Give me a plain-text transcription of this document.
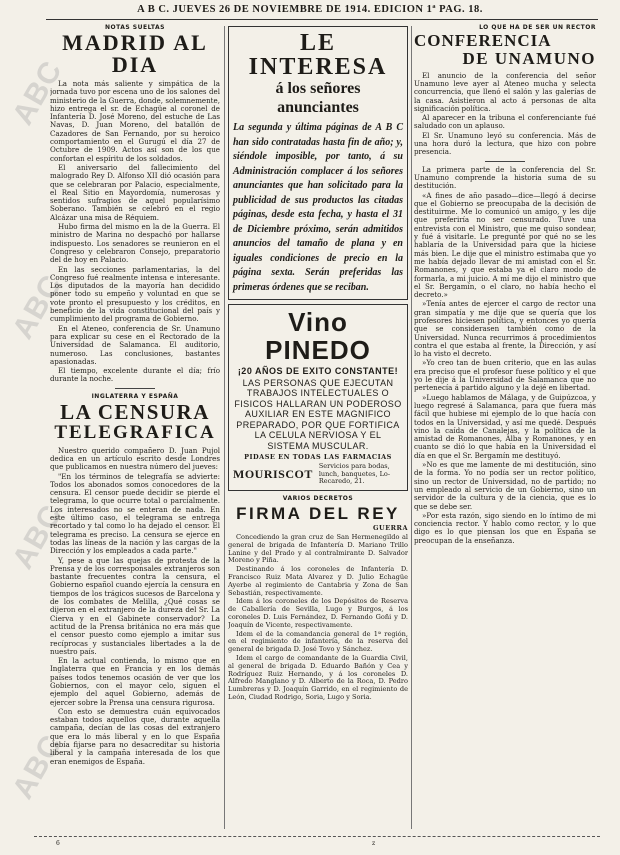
ABC
ABC
ABC
ABC
A B C. JUEVES 26 DE NOVIEMBRE DE 1914. EDICION 1ª PAG. 18.
NOTAS SUELTAS
MADRID AL DIA

La nota más saliente y simpática de la jornada tuvo por escena uno de los salones del ministerio de la Guerra, donde, solemnemente, hizo entrega el sr. de Echagüe al coronel de Infantería D. José Moreno, del estuche de Las Navas, D. Juan Moreno, del batallón de Cazadores de San Fernando, por su heroico comportamiento en el Gurugú el día 27 de Octubre de 1909. Actos así son de los que confortan el espíritu de los soldados.

El aniversario del fallecimiento del malogrado Rey D. Alfonso XII dió ocasión para que se celebraran por Palacio, especialmente, el Real Sitio en Mayordomía, numerosas y sentidos sufragios de aquel popularísimo Soberano. También se celebró en el regio Alcázar una misa de Réquiem.

Hubo firma del mismo en la de la Guerra. El ministro de Marina no despachó por hallarse indispuesto. Los senadores se reunieron en el Congreso y celebraron Consejo, preparatorio del de hoy en Palacio.

En las secciones parlamentarias, la del Congreso fué realmente intensa e interesante. Los diputados de la mayoría han decidido poner todo su empeño y voluntad en que se vote pronto el presupuesto y los créditos, en beneficio de la vida constitucional del país y cumplimiento del programa de Gobierno.

En el Ateneo, conferencia de Sr. Unamuno para explicar su cese en el Rectorado de la Universidad de Salamanca. El auditorio, numeroso. Las conclusiones, bastantes apasionadas.

El tiempo, excelente durante el día; frío durante la noche.

INGLATERRA Y ESPAÑA
LA CENSURA
TELEGRAFICA

Nuestro querido compañero D. Juan Pujol dedica en un artículo escrito desde Londres que publicamos en nuestra número del jueves:

"En los términos de telegrafía se advierte: Todos los abonados somos conocedores de la censura. El censor puede decidir se pierde el telegrama, lo que ocurre total o parcialmente. Los interesados no se enteran de nada. En este último caso, el telegrama se entrega recortado y tal como lo ha dejado el censor. El telegrama es preciso. La censura se ejerce en todas las líneas de la nación y las cargas de la Dirección y los empleados a cada parte."

Y, pese a que las quejas de protesta de la Prensa y de los corresponsales extranjeros son bastante frecuentes contra la censura, el Gobierno español cuando ejercía la censura en tiempos de los trágicos sucesos de Barcelona y de los combates de Melilla, ¿Qué cosas se dijeron en el extranjero de la dureza del Sr. La Cierva y en el Gabinete conservador? La actitud de la Prensa británica no era más que el censor puesto como ejemplo a imitar sus recíprocas y sustanciales libertades a la de nuestro país.

En la actual contienda, lo mismo que en Inglaterra que en Francia y en los demás países todos tenemos ocasión de ver que los Gobiernos, con el mayor celo, siguen el ejemplo del aquel Gobierno, además de ejercer sobre la Prensa una censura rigurosa.

Con esto se demuestra cuán equivocados estaban todos aquellos que, durante aquella campaña, decían de las cosas del extranjero que era lo más liberal y en lo que España debía fijarse para no desacreditar su historia liberal y la campaña interesada de los que eran enemigos de España.

LE INTERESA
á los señores anunciantes
La segunda y última páginas de A B C han sido contratadas hasta fin de año; y, siéndole imposible, por tanto, á su Administración complacer á los señores anunciantes que han solicitado para la publicidad de sus productos las citadas páginas, desde esta fecha, y hasta el 31 de Diciembre próximo, serán admitidos anuncios del tamaño de plana y en iguales condiciones de precio en la página sexta. Serán preferidas las primeras órdenes que se reciban.
Vino PINEDO
¡20 AÑOS DE EXITO CONSTANTE!
LAS PERSONAS QUE EJECUTAN TRABAJOS INTELECTUALES O FISICOS HALLARAN UN PODEROSO AUXILIAR EN ESTE MAGNIFICO PREPARADO, POR QUE FORTIFICA LA CELULA NERVIOSA Y EL SISTEMA MUSCULAR.
PIDASE EN TODAS LAS FARMACIAS
MOURISCOT
Servicios para bodas, lunch, banquetes, Lo-Recaredo, 21.
VARIOS DECRETOS
FIRMA DEL REY
GUERRA

Concediendo la gran cruz de San Hermenegildo al general de brigada de Infantería D. Mariano Trillo Lanine y del Prado y al contralmirante D. Salvador Moreno y Piña.

Destinando á los coroneles de Infantería D. Francisco Ruiz Mata Alvarez y D. Julio Echagüe Ayerbe al regimiento de Cantabria y Zona de San Sebastián, respectivamente.

Idem á los coroneles de los Depósitos de Reserva de Caballería de Sevilla, Lugo y Burgos, á los coroneles D. Luis Fernández, D. Fernando Goñi y D. Joaquín de Vicente, respectivamente.

Idem el de la comandancia general de 1ª región, en el regimiento de infantería, de la reserva del general de brigada D. José Tovo y Sánchez.

Idem el cargo de comandante de la Guardia Civil, al general de brigada D. Eduardo Bañón y Cea y Rodríguez Ruiz Hernando, y á los coroneles D. Alfredo Manglano y D. Alberto de la Roca, D. Pedro Lumbreras y D. Joaquín Garrido, en el regimiento de León, Ciudad Rodrigo, Soria, Lugo y Soria.

LO QUE HA DE SER UN RECTOR
CONFERENCIA
DE UNAMUNO

El anuncio de la conferencia del señor Unamuno leve ayer al Ateneo mucha y selecta concurrencia, que llenó el salón y las galerías de la casa. Asistieron al acto á personas de alta significación política.

Al aparecer en la tribuna el conferenciante fué saludado con un aplauso.

El Sr. Unamuno leyó su conferencia. Más de una hora duró la lectura, que hizo con pobre presencia.

La primera parte de la conferencia del Sr. Unamuno comprende la historia suma de su destitución.

«A fines de año pasado—dice—llegó á decirse que el Gobierno se preocupaba de la decisión de destituirme. Me lo comunicó un amigo, y les dije que preferiría no ser censurado. Tuve una entrevista con el Ministro, que me quiso sondear, y fué á visitarle. Le pregunté por qué no se les hablaría de la Universidad para que la hiciese más bien. Le dije que el ministro estimaba que yo me había dejado llevar de mi amistad con el Sr. Romanones, y que estaba ya el claro modo de formarla, a mi juicio. A mí me dijo el ministro que el Sr. Bergamín, o el claro, no había hecho el decreto.»

»Tenía antes de ejercer el cargo de rector una gran simpatía y me dije que se quería que los profesores hiciesen política, y entonces yo quería que se considerasen también como de la Universidad. Nunca recurrimos á procedimientos contra el que estaba al frente, la Dirección, y así lo ha visto el decreto.

»Yo creo tan de buen criterio, que en las aulas era preciso que el profesor fuese político y el que yo le dije á la Universidad de Salamanca que no pertenecía á partido alguno y la dejé en libertad.

»Luego hablamos de Málaga, y de Guipúzcoa, y luego regresé á Salamanca, para que fuera más fácil que hubiese mi ejemplo de lo que hacía con todos en la Universidad, y así me quedé. Después vino la caída de Canalejas, y la política de la amistad de Romanones, Alba y Romanones, y en cuanto se dió lo que había en la Universidad el día en que el Sr. Bergamín me destituyó.

»No es que me lamente de mi destitución, sino de la forma. Yo no podía ser un rector político, sino un rector de Universidad, no de partido; no un empleado al servicio de un Gobierno, sino un servidor de la cultura y de la ciencia, que es lo que se debe ser.

»Por esta razón, sigo siendo en lo íntimo de mi conciencia rector. Y hablo como rector, y lo que digo es lo que piensan los que en España se preocupan de la enseñanza.

6	z
